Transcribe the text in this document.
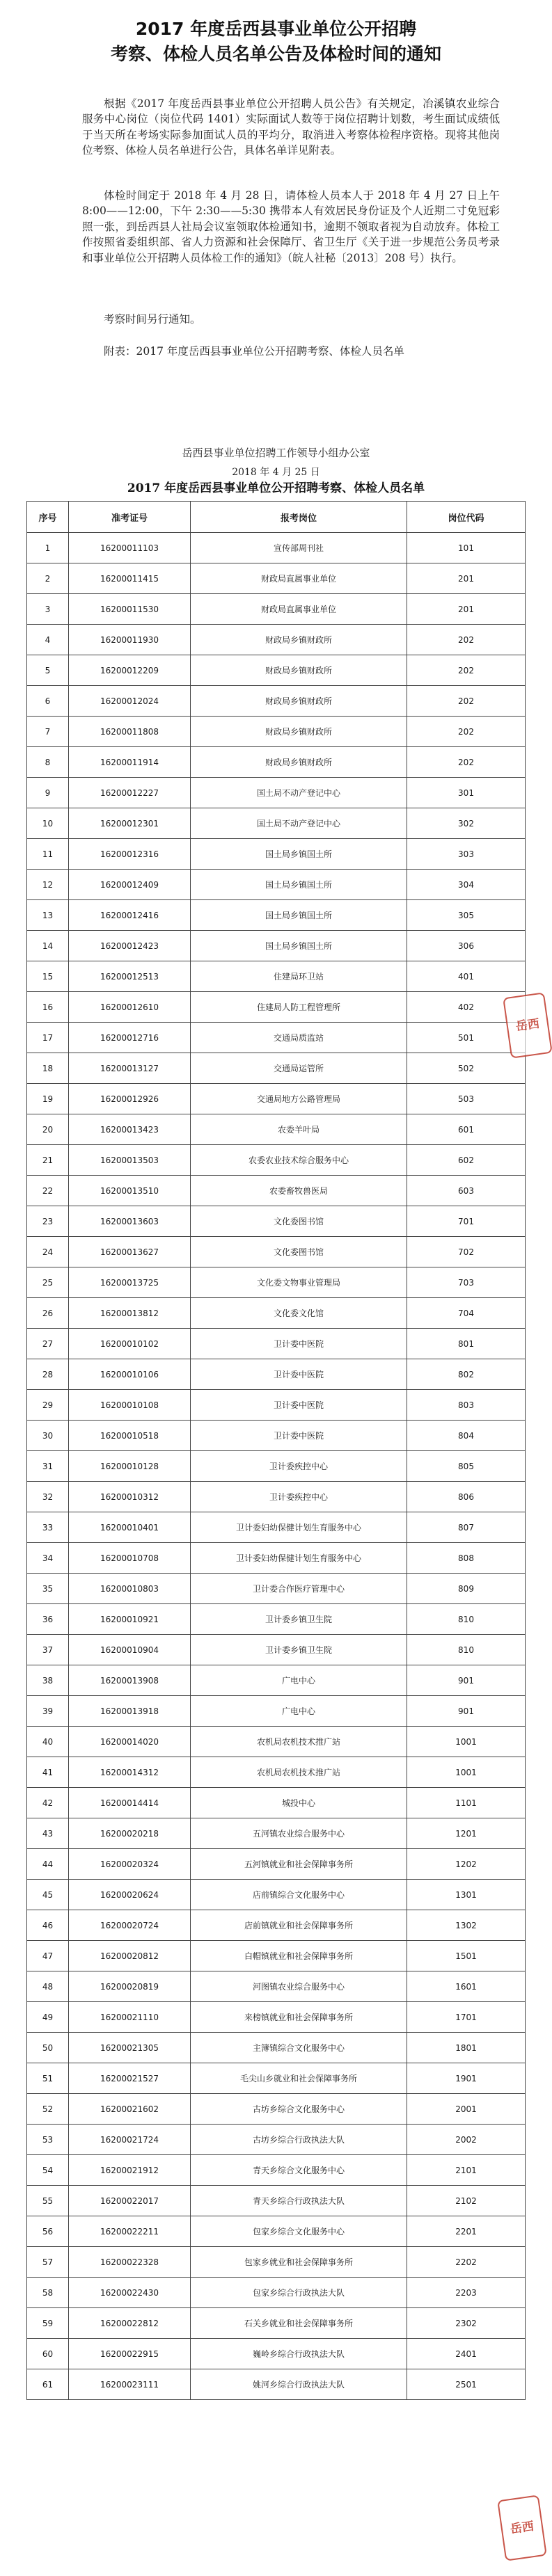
2017 年度岳西县事业单位公开招聘
考察、体检人员名单公告及体检时间的通知

根据《2017 年度岳西县事业单位公开招聘人员公告》有关规定，冶溪镇农业综合服务中心岗位（岗位代码 1401）实际面试人数等于岗位招聘计划数，考生面试成绩低于当天所在考场实际参加面试人员的平均分，取消进入考察体检程序资格。现将其他岗位考察、体检人员名单进行公告，具体名单详见附表。

体检时间定于 2018 年 4 月 28 日，请体检人员本人于 2018 年 4 月 27 日上午 8:00——12:00，下午 2:30——5:30 携带本人有效居民身份证及个人近期二寸免冠彩照一张，到岳西县人社局会议室领取体检通知书，逾期不领取者视为自动放弃。体检工作按照省委组织部、省人力资源和社会保障厅、省卫生厅《关于进一步规范公务员考录和事业单位公开招聘人员体检工作的通知》（皖人社秘〔2013〕208 号）执行。

考察时间另行通知。

附表：2017 年度岳西县事业单位公开招聘考察、体检人员名单

岳西县事业单位招聘工作领导小组办公室
2018 年 4 月 25 日
2017 年度岳西县事业单位公开招聘考察、体检人员名单
序号	准考证号	报考岗位	岗位代码
1	16200011103	宣传部周刊社	101
2	16200011415	财政局直属事业单位	201
3	16200011530	财政局直属事业单位	201
4	16200011930	财政局乡镇财政所	202
5	16200012209	财政局乡镇财政所	202
6	16200012024	财政局乡镇财政所	202
7	16200011808	财政局乡镇财政所	202
8	16200011914	财政局乡镇财政所	202
9	16200012227	国土局不动产登记中心	301
10	16200012301	国土局不动产登记中心	302
11	16200012316	国土局乡镇国土所	303
12	16200012409	国土局乡镇国土所	304
13	16200012416	国土局乡镇国土所	305
14	16200012423	国土局乡镇国土所	306
15	16200012513	住建局环卫站	401
16	16200012610	住建局人防工程管理所	402
17	16200012716	交通局质监站	501
18	16200013127	交通局运管所	502
19	16200012926	交通局地方公路管理局	503
20	16200013423	农委羊叶局	601
21	16200013503	农委农业技术综合服务中心	602
22	16200013510	农委畜牧兽医局	603
23	16200013603	文化委图书馆	701
24	16200013627	文化委图书馆	702
25	16200013725	文化委文物事业管理局	703
26	16200013812	文化委文化馆	704
27	16200010102	卫计委中医院	801
28	16200010106	卫计委中医院	802
29	16200010108	卫计委中医院	803
30	16200010518	卫计委中医院	804
31	16200010128	卫计委疾控中心	805
32	16200010312	卫计委疾控中心	806
33	16200010401	卫计委妇幼保健计划生育服务中心	807
34	16200010708	卫计委妇幼保健计划生育服务中心	808
35	16200010803	卫计委合作医疗管理中心	809
36	16200010921	卫计委乡镇卫生院	810
37	16200010904	卫计委乡镇卫生院	810
38	16200013908	广电中心	901
39	16200013918	广电中心	901
40	16200014020	农机局农机技术推广站	1001
41	16200014312	农机局农机技术推广站	1001
42	16200014414	城投中心	1101
43	16200020218	五河镇农业综合服务中心	1201
44	16200020324	五河镇就业和社会保障事务所	1202
45	16200020624	店前镇综合文化服务中心	1301
46	16200020724	店前镇就业和社会保障事务所	1302
47	16200020812	白帽镇就业和社会保障事务所	1501
48	16200020819	河图镇农业综合服务中心	1601
49	16200021110	来榜镇就业和社会保障事务所	1701
50	16200021305	主簿镇综合文化服务中心	1801
51	16200021527	毛尖山乡就业和社会保障事务所	1901
52	16200021602	古坊乡综合文化服务中心	2001
53	16200021724	古坊乡综合行政执法大队	2002
54	16200021912	青天乡综合文化服务中心	2101
55	16200022017	青天乡综合行政执法大队	2102
56	16200022211	包家乡综合文化服务中心	2201
57	16200022328	包家乡就业和社会保障事务所	2202
58	16200022430	包家乡综合行政执法大队	2203
59	16200022812	石关乡就业和社会保障事务所	2302
60	16200022915	巍岭乡综合行政执法大队	2401
61	16200023111	姚河乡综合行政执法大队	2501
岳西
岳西
